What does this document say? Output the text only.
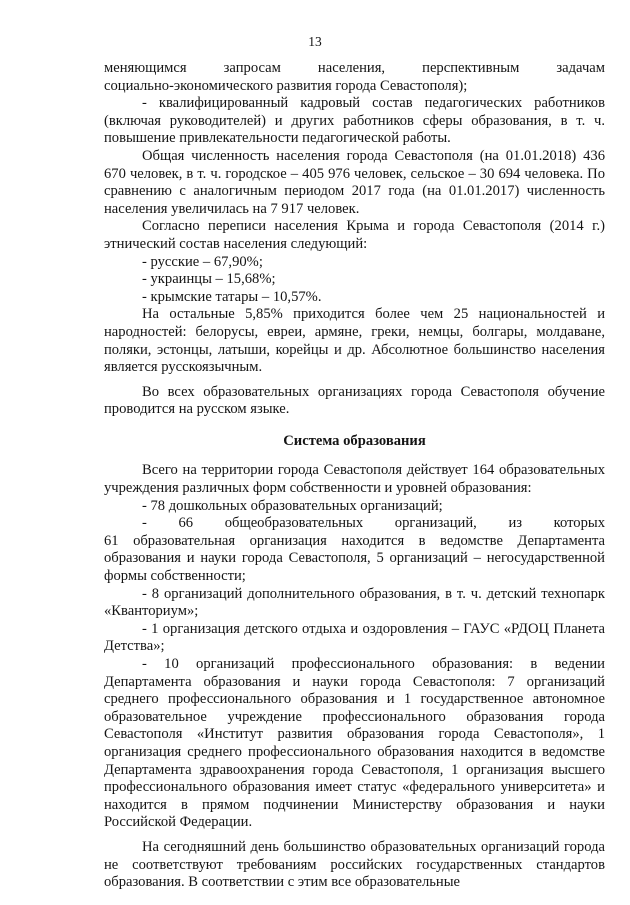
13

меняющимся запросам населения, перспективным задачам

социально-экономического развития города Севастополя);

- квалифицированный кадровый состав педагогических работников (включая руководителей) и других работников сферы образования, в т. ч. повышение привлекательности педагогической работы.

Общая численность населения города Севастополя (на 01.01.2018) 436 670 человек, в т. ч. городское – 405 976 человек, сельское – 30 694 человека. По сравнению с аналогичным периодом 2017 года (на 01.01.2017) численность населения увеличилась на 7 917 человек.

Согласно переписи населения Крыма и города Севастополя (2014 г.) этнический состав населения следующий:

- русские – 67,90%;

- украинцы – 15,68%;

- крымские татары – 10,57%.

На остальные 5,85% приходится более чем 25 национальностей и народностей: белорусы, евреи, армяне, греки, немцы, болгары, молдаване, поляки, эстонцы, латыши, корейцы и др. Абсолютное большинство населения является русскоязычным.

Во всех образовательных организациях города Севастополя обучение проводится на русском языке.

Система образования

Всего на территории города Севастополя действует 164 образовательных учреждения различных форм собственности и уровней образования:

- 78 дошкольных образовательных организаций;

- 66 общеобразовательных организаций, из которых

61 образовательная организация находится в ведомстве Департамента образования и науки города Севастополя, 5 организаций – негосударственной формы собственности;

- 8 организаций дополнительного образования, в т. ч. детский технопарк «Кванториум»;

- 1 организация детского отдыха и оздоровления – ГАУС «РДОЦ Планета Детства»;

- 10 организаций профессионального образования: в ведении Департамента образования и науки города Севастополя: 7 организаций среднего профессионального образования и 1 государственное автономное образовательное учреждение профессионального образования города Севастополя «Институт развития образования города Севастополя», 1 организация среднего профессионального образования находится в ведомстве Департамента здравоохранения города Севастополя, 1 организация высшего профессионального образования имеет статус «федерального университета» и находится в прямом подчинении Министерству образования и науки Российской Федерации.

На сегодняшний день большинство образовательных организаций города не соответствуют требованиям российских государственных стандартов образования. В соответствии с этим все образовательные
